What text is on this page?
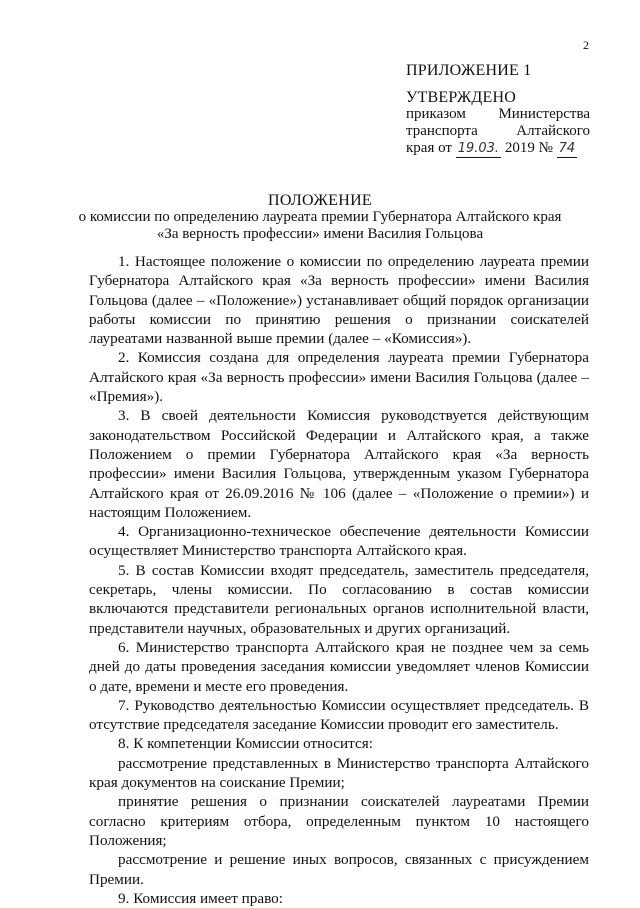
2
ПРИЛОЖЕНИЕ 1
УТВЕРЖДЕНО
приказом Министерства
транспорта Алтайского
края от 19.03. 2019 № 74
ПОЛОЖЕНИЕ
о комиссии по определению лауреата премии Губернатора Алтайского края
«За верность профессии» имени Василия Гольцова

1. Настоящее положение о комиссии по определению лауреата премии Губернатора Алтайского края «За верность профессии» имени Василия Гольцова (далее – «Положение») устанавливает общий порядок организации работы комиссии по принятию решения о признании соискателей лауреатами названной выше премии (далее – «Комиссия»).

2. Комиссия создана для определения лауреата премии Губернатора Алтайского края «За верность профессии» имени Василия Гольцова (далее – «Премия»).

3. В своей деятельности Комиссия руководствуется действующим законодательством Российской Федерации и Алтайского края, а также Положением о премии Губернатора Алтайского края «За верность профессии» имени Василия Гольцова, утвержденным указом Губернатора Алтайского края от 26.09.2016 № 106 (далее – «Положение о премии») и настоящим Положением.

4. Организационно-техническое обеспечение деятельности Комиссии осуществляет Министерство транспорта Алтайского края.

5. В состав Комиссии входят председатель, заместитель председателя, секретарь, члены комиссии. По согласованию в состав комиссии включаются представители региональных органов исполнительной власти, представители научных, образовательных и других организаций.

6. Министерство транспорта Алтайского края не позднее чем за семь дней до даты проведения заседания комиссии уведомляет членов Комиссии о дате, времени и месте его проведения.

7. Руководство деятельностью Комиссии осуществляет председатель. В отсутствие председателя заседание Комиссии проводит его заместитель.

8. К компетенции Комиссии относится:

рассмотрение представленных в Министерство транспорта Алтайского края документов на соискание Премии;

принятие решения о признании соискателей лауреатами Премии согласно критериям отбора, определенным пунктом 10 настоящего Положения;

рассмотрение и решение иных вопросов, связанных с присуждением Премии.

9. Комиссия имеет право:
